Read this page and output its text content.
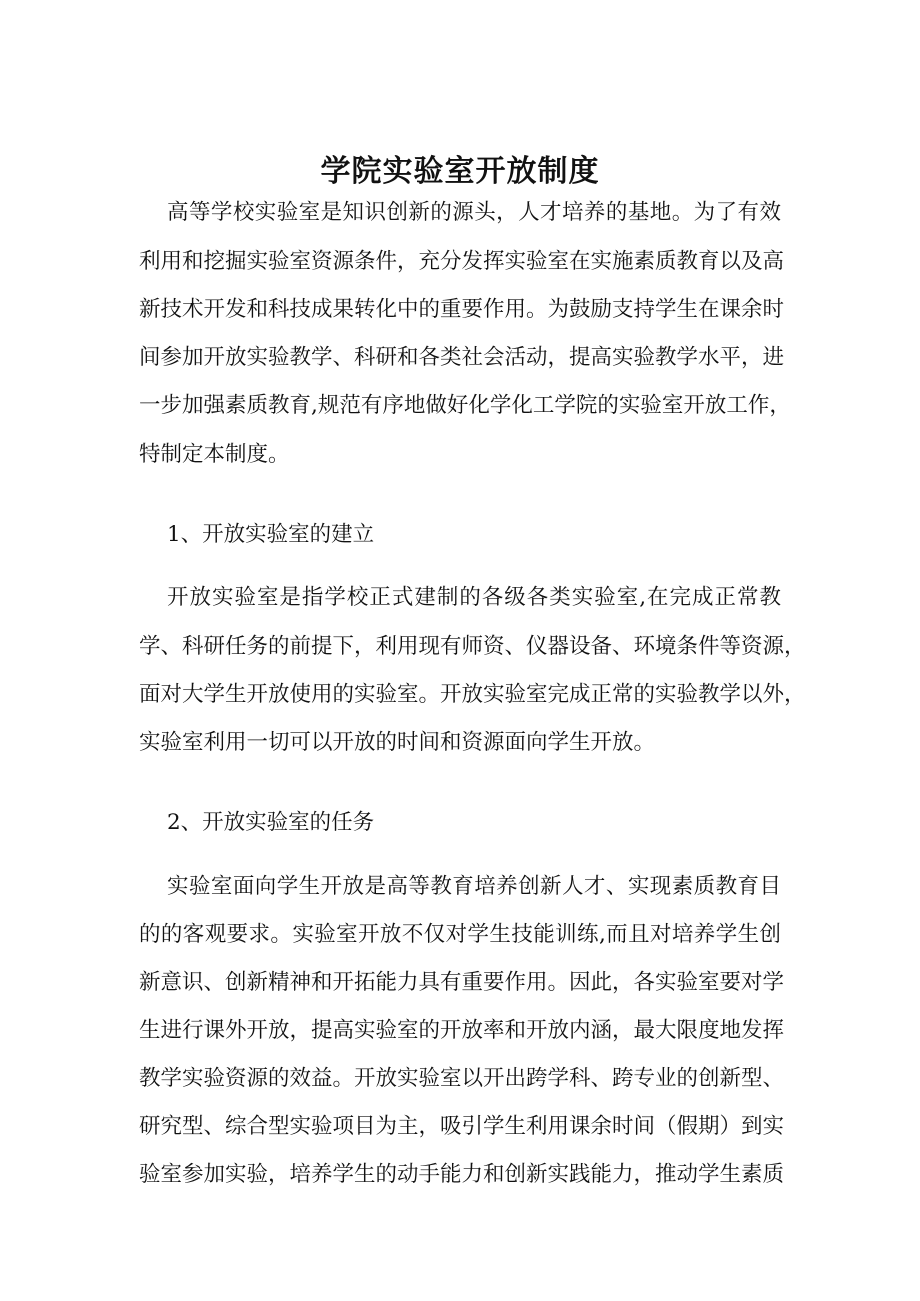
学院实验室开放制度
高等学校实验室是知识创新的源头，人才培养的基地。为了有效
利用和挖掘实验室资源条件，充分发挥实验室在实施素质教育以及高
新技术开发和科技成果转化中的重要作用。为鼓励支持学生在课余时
间参加开放实验教学、科研和各类社会活动，提高实验教学水平，进
一步加强素质教育,规范有序地做好化学化工学院的实验室开放工作，
特制定本制度。
1、开放实验室的建立
开放实验室是指学校正式建制的各级各类实验室,在完成正常教
学、科研任务的前提下，利用现有师资、仪器设备、环境条件等资源，
面对大学生开放使用的实验室。开放实验室完成正常的实验教学以外，
实验室利用一切可以开放的时间和资源面向学生开放。
2、开放实验室的任务
实验室面向学生开放是高等教育培养创新人才、实现素质教育目
的的客观要求。实验室开放不仅对学生技能训练,而且对培养学生创
新意识、创新精神和开拓能力具有重要作用。因此，各实验室要对学
生进行课外开放，提高实验室的开放率和开放内涵，最大限度地发挥
教学实验资源的效益。开放实验室以开出跨学科、跨专业的创新型、
研究型、综合型实验项目为主，吸引学生利用课余时间（假期）到实
验室参加实验，培养学生的动手能力和创新实践能力，推动学生素质
